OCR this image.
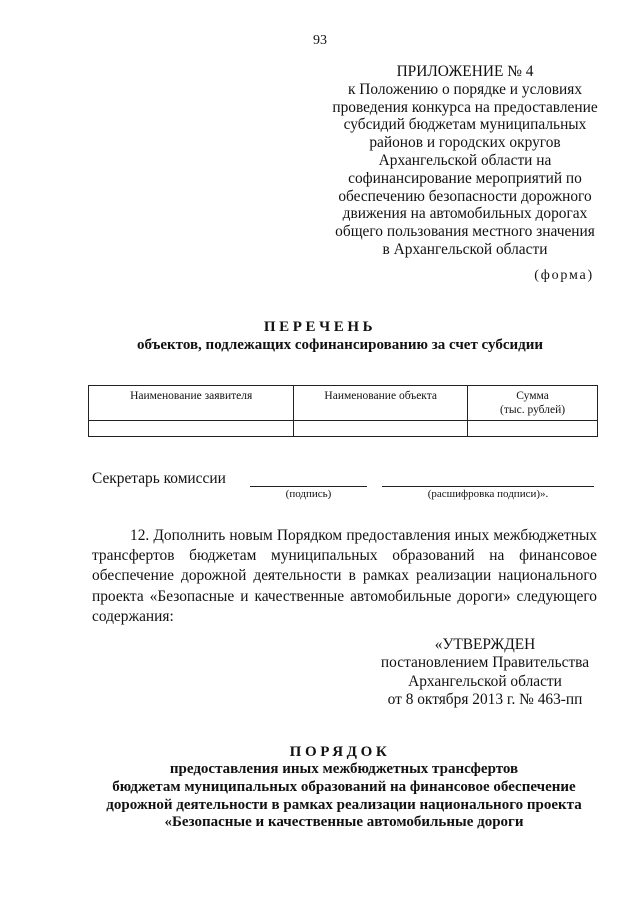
93
ПРИЛОЖЕНИЕ № 4
к Положению о порядке и условиях
проведения конкурса на предоставление
субсидий бюджетам муниципальных
районов и городских округов
Архангельской области на
софинансирование мероприятий по
обеспечению безопасности дорожного
движения на автомобильных дорогах
общего пользования местного значения
в Архангельской области
(форма)
ПЕРЕЧЕНЬ
объектов, подлежащих софинансированию за счет субсидии
Наименование заявителя	Наименование объекта	Сумма
(тыс. рублей)

Секретарь комиссии
(подпись)	(расшифровка подписи)».
12. Дополнить новым Порядком предоставления иных межбюджетных трансфертов бюджетам муниципальных образований на финансовое обеспечение дорожной деятельности в рамках реализации национального проекта «Безопасные и качественные автомобильные дороги» следующего содержания:
«УТВЕРЖДЕН
постановлением Правительства
Архангельской области
от 8 октября 2013 г. № 463-пп
ПОРЯДОК
предоставления иных межбюджетных трансфертов
бюджетам муниципальных образований на финансовое обеспечение
дорожной деятельности в рамках реализации национального проекта
«Безопасные и качественные автомобильные дороги
